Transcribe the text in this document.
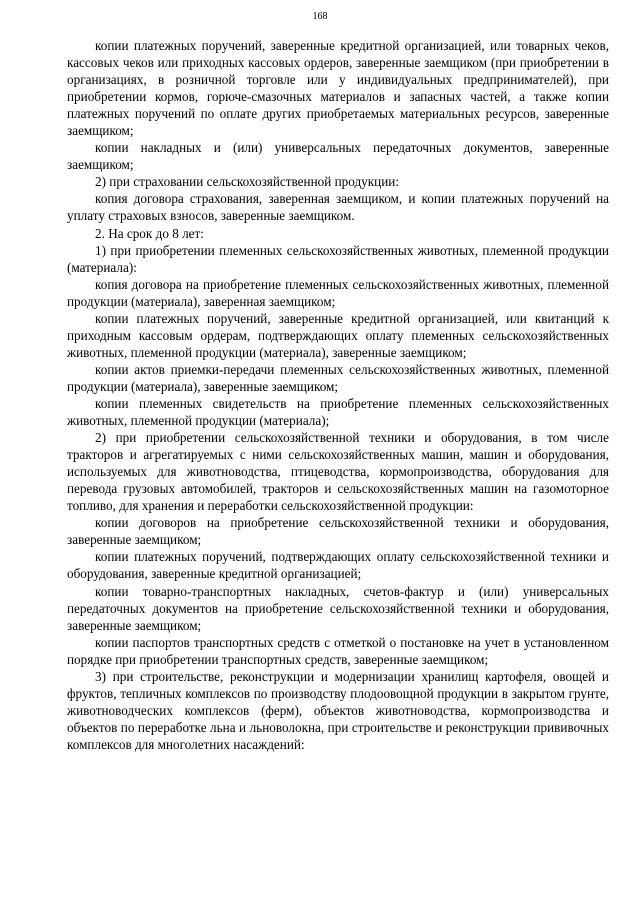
168

копии платежных поручений, заверенные кредитной организацией, или товарных чеков, кассовых чеков или приходных кассовых ордеров, заверенные заемщиком (при приобретении в организациях, в розничной торговле или у индивидуальных предпринимателей), при приобретении кормов, горюче-смазочных материалов и запасных частей, а также копии платежных поручений по оплате других приобретаемых материальных ресурсов, заверенные заемщиком;

копии накладных и (или) универсальных передаточных документов, заверенные заемщиком;

2) при страховании сельскохозяйственной продукции:

копия договора страхования, заверенная заемщиком, и копии платежных поручений на уплату страховых взносов, заверенные заемщиком.

2. На срок до 8 лет:

1) при приобретении племенных сельскохозяйственных животных, племенной продукции (материала):

копия договора на приобретение племенных сельскохозяйственных животных, племенной продукции (материала), заверенная заемщиком;

копии платежных поручений, заверенные кредитной организацией, или квитанций к приходным кассовым ордерам, подтверждающих оплату племенных сельскохозяйственных животных, племенной продукции (материала), заверенные заемщиком;

копии актов приемки-передачи племенных сельскохозяйственных животных, племенной продукции (материала), заверенные заемщиком;

копии племенных свидетельств на приобретение племенных сельскохозяйственных животных, племенной продукции (материала);

2) при приобретении сельскохозяйственной техники и оборудования, в том числе тракторов и агрегатируемых с ними сельскохозяйственных машин, машин и оборудования, используемых для животноводства, птицеводства, кормопроизводства, оборудования для перевода грузовых автомобилей, тракторов и сельскохозяйственных машин на газомоторное топливо, для хранения и переработки сельскохозяйственной продукции:

копии договоров на приобретение сельскохозяйственной техники и оборудования, заверенные заемщиком;

копии платежных поручений, подтверждающих оплату сельскохозяйственной техники и оборудования, заверенные кредитной организацией;

копии товарно-транспортных накладных, счетов-фактур и (или) универсальных передаточных документов на приобретение сельскохозяйственной техники и оборудования, заверенные заемщиком;

копии паспортов транспортных средств с отметкой о постановке на учет в установленном порядке при приобретении транспортных средств, заверенные заемщиком;

3) при строительстве, реконструкции и модернизации хранилищ картофеля, овощей и фруктов, тепличных комплексов по производству плодоовощной продукции в закрытом грунте, животноводческих комплексов (ферм), объектов животноводства, кормопроизводства и объектов по переработке льна и льноволокна, при строительстве и реконструкции прививочных комплексов для многолетних насаждений:
